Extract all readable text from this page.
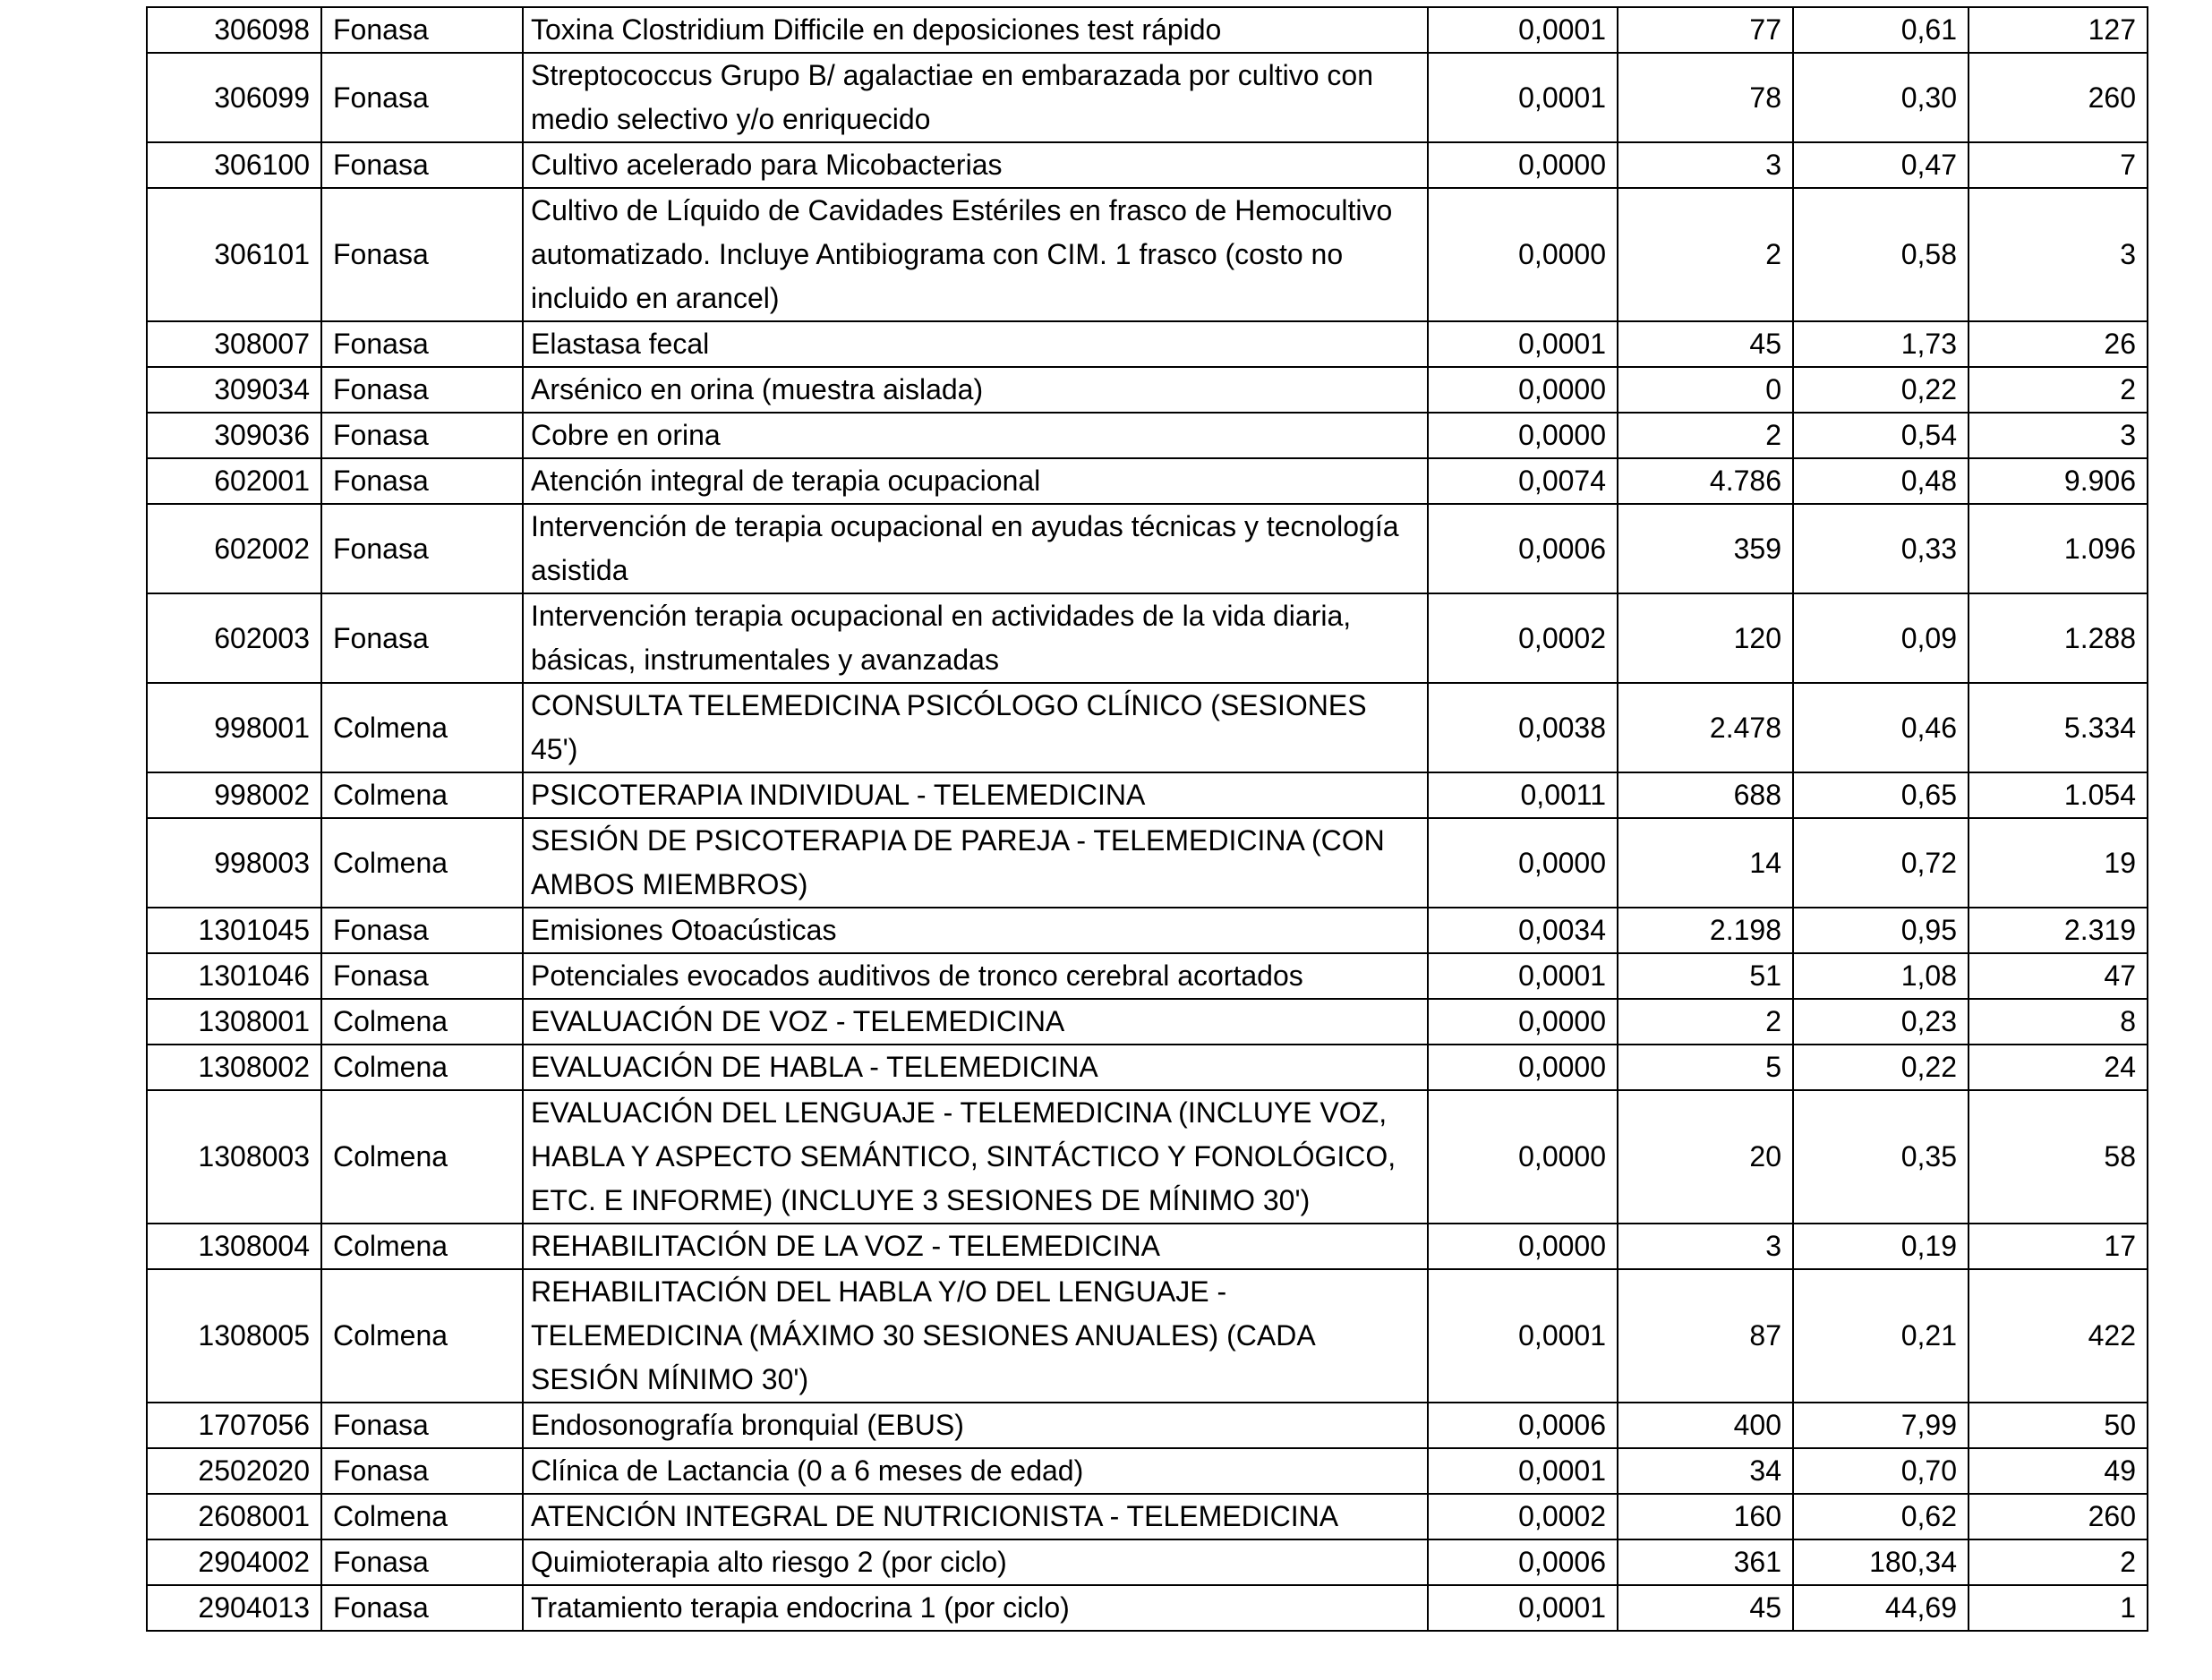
306098	Fonasa	Toxina Clostridium Difficile en deposiciones test rápido	0,0001	77	0,61	127
306099	Fonasa	Streptococcus Grupo B/ agalactiae en embarazada por cultivo con medio selectivo y/o enriquecido	0,0001	78	0,30	260
306100	Fonasa	Cultivo acelerado para Micobacterias	0,0000	3	0,47	7
306101	Fonasa	Cultivo de Líquido de Cavidades Estériles en frasco de Hemocultivo automatizado. Incluye Antibiograma con CIM. 1 frasco (costo no incluido en arancel)	0,0000	2	0,58	3
308007	Fonasa	Elastasa fecal	0,0001	45	1,73	26
309034	Fonasa	Arsénico en orina (muestra aislada)	0,0000	0	0,22	2
309036	Fonasa	Cobre en orina	0,0000	2	0,54	3
602001	Fonasa	Atención integral de terapia ocupacional	0,0074	4.786	0,48	9.906
602002	Fonasa	Intervención de terapia ocupacional en ayudas técnicas y tecnología asistida	0,0006	359	0,33	1.096
602003	Fonasa	Intervención terapia ocupacional en actividades de la vida diaria, básicas, instrumentales y avanzadas	0,0002	120	0,09	1.288
998001	Colmena	CONSULTA TELEMEDICINA PSICÓLOGO CLÍNICO (SESIONES 45')	0,0038	2.478	0,46	5.334
998002	Colmena	PSICOTERAPIA INDIVIDUAL - TELEMEDICINA	0,0011	688	0,65	1.054
998003	Colmena	SESIÓN DE PSICOTERAPIA DE PAREJA - TELEMEDICINA (CON AMBOS MIEMBROS)	0,0000	14	0,72	19
1301045	Fonasa	Emisiones Otoacústicas	0,0034	2.198	0,95	2.319
1301046	Fonasa	Potenciales evocados auditivos de tronco cerebral acortados	0,0001	51	1,08	47
1308001	Colmena	EVALUACIÓN DE VOZ - TELEMEDICINA	0,0000	2	0,23	8
1308002	Colmena	EVALUACIÓN DE HABLA - TELEMEDICINA	0,0000	5	0,22	24
1308003	Colmena	EVALUACIÓN DEL LENGUAJE - TELEMEDICINA (INCLUYE VOZ, HABLA Y ASPECTO SEMÁNTICO, SINTÁCTICO Y FONOLÓGICO, ETC. E INFORME) (INCLUYE 3 SESIONES DE MÍNIMO 30')	0,0000	20	0,35	58
1308004	Colmena	REHABILITACIÓN DE LA VOZ - TELEMEDICINA	0,0000	3	0,19	17
1308005	Colmena	REHABILITACIÓN DEL HABLA Y/O DEL LENGUAJE - TELEMEDICINA (MÁXIMO 30 SESIONES ANUALES) (CADA SESIÓN MÍNIMO 30')	0,0001	87	0,21	422
1707056	Fonasa	Endosonografía bronquial (EBUS)	0,0006	400	7,99	50
2502020	Fonasa	Clínica de Lactancia (0 a 6 meses de edad)	0,0001	34	0,70	49
2608001	Colmena	ATENCIÓN INTEGRAL DE NUTRICIONISTA - TELEMEDICINA	0,0002	160	0,62	260
2904002	Fonasa	Quimioterapia alto riesgo 2 (por ciclo)	0,0006	361	180,34	2
2904013	Fonasa	Tratamiento terapia endocrina 1 (por ciclo)	0,0001	45	44,69	1
